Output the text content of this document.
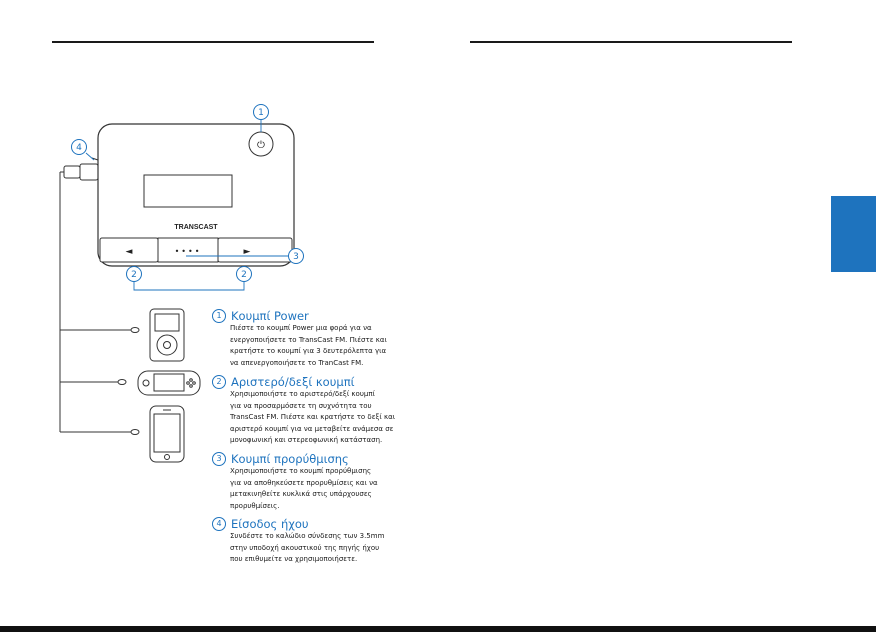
TRANSCAST
⏻
◄	••••	►
1
4
3
2	2
1 Κουμπί Power
Πιέστε το κουμπί Power μια φορά για να
ενεργοποιήσετε το TransCast FM. Πιέστε και
κρατήστε το κουμπί για 3 δευτερόλεπτα για
να απενεργοποιήσετε το TranCast FM.
2 Αριστερό/δεξί κουμπί
Χρησιμοποιήστε το αριστερό/δεξί κουμπί
για να προσαρμόσετε τη συχνότητα του
TransCast FM. Πιέστε και κρατήστε το δεξί και
αριστερό κουμπί για να μεταβείτε ανάμεσα σε
μονοφωνική και στερεοφωνική κατάσταση.
3 Κουμπί προρύθμισης
Χρησιμοποιήστε το κουμπί προρύθμισης
για να αποθηκεύσετε προρυθμίσεις και να
μετακινηθείτε κυκλικά στις υπάρχουσες
προρυθμίσεις.
4 Είσοδος ήχου
Συνδέστε το καλώδιο σύνδεσης των 3.5mm
στην υποδοχή ακουστικού της πηγής ήχου
που επιθυμείτε να χρησιμοποιήσετε.
